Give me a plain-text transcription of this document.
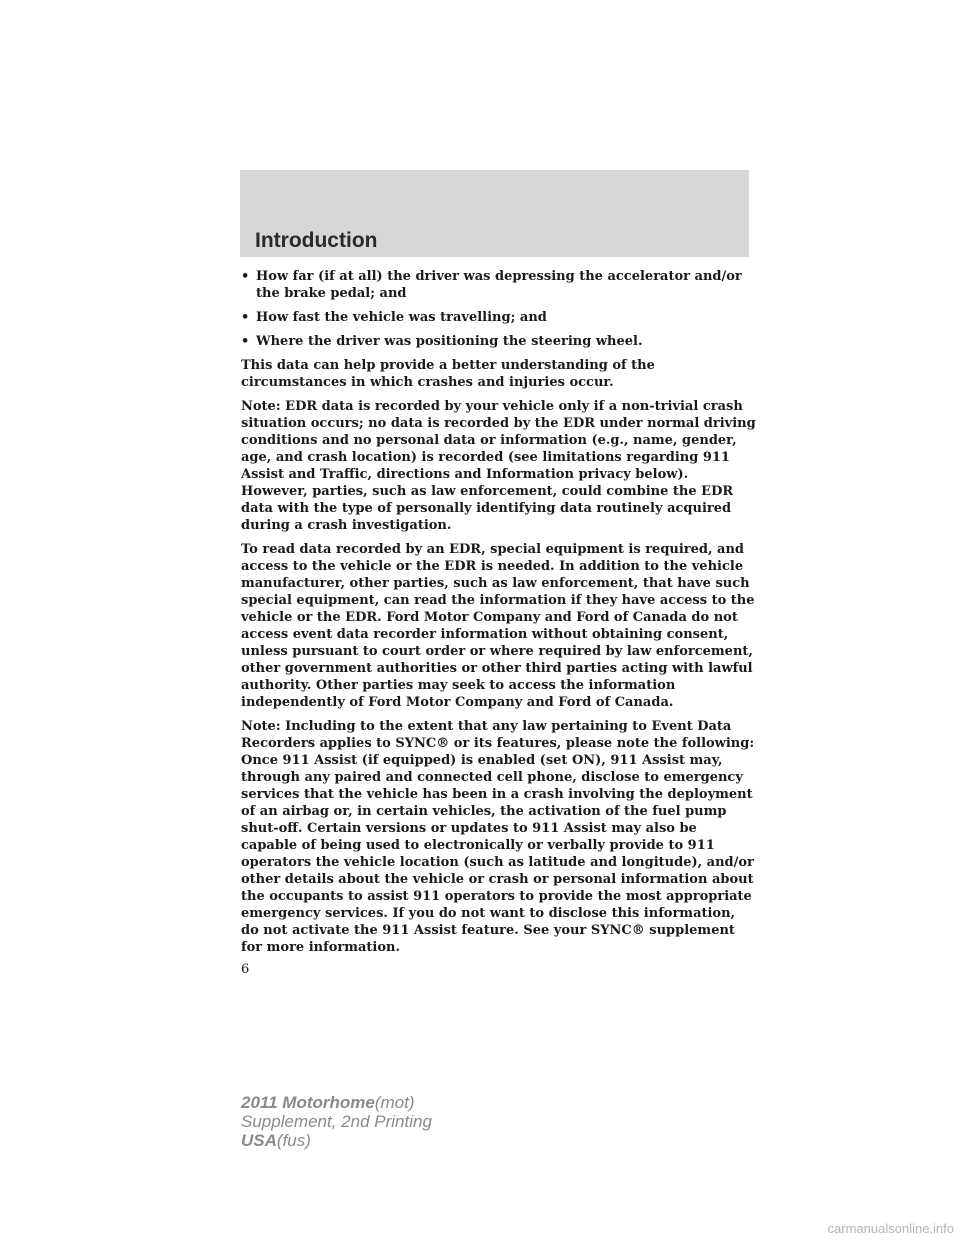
Introduction
• How far (if at all) the driver was depressing the accelerator and/or the brake pedal; and
• How fast the vehicle was travelling; and
• Where the driver was positioning the steering wheel.

This data can help provide a better understanding of the circumstances in which crashes and injuries occur.

Note: EDR data is recorded by your vehicle only if a non-trivial crash situation occurs; no data is recorded by the EDR under normal driving conditions and no personal data or information (e.g., name, gender, age, and crash location) is recorded (see limitations regarding 911 Assist and Traffic, directions and Information privacy below). However, parties, such as law enforcement, could combine the EDR data with the type of personally identifying data routinely acquired during a crash investigation.

To read data recorded by an EDR, special equipment is required, and access to the vehicle or the EDR is needed. In addition to the vehicle manufacturer, other parties, such as law enforcement, that have such special equipment, can read the information if they have access to the vehicle or the EDR. Ford Motor Company and Ford of Canada do not access event data recorder information without obtaining consent, unless pursuant to court order or where required by law enforcement, other government authorities or other third parties acting with lawful authority. Other parties may seek to access the information independently of Ford Motor Company and Ford of Canada.

Note: Including to the extent that any law pertaining to Event Data Recorders applies to SYNC® or its features, please note the following: Once 911 Assist (if equipped) is enabled (set ON), 911 Assist may, through any paired and connected cell phone, disclose to emergency services that the vehicle has been in a crash involving the deployment of an airbag or, in certain vehicles, the activation of the fuel pump shut-off. Certain versions or updates to 911 Assist may also be capable of being used to electronically or verbally provide to 911 operators the vehicle location (such as latitude and longitude), and/or other details about the vehicle or crash or personal information about the occupants to assist 911 operators to provide the most appropriate emergency services. If you do not want to disclose this information, do not activate the 911 Assist feature. See your SYNC® supplement for more information.

6

2011 Motorhome(mot)
Supplement, 2nd Printing
USA(fus)
carmanualsonline.info
